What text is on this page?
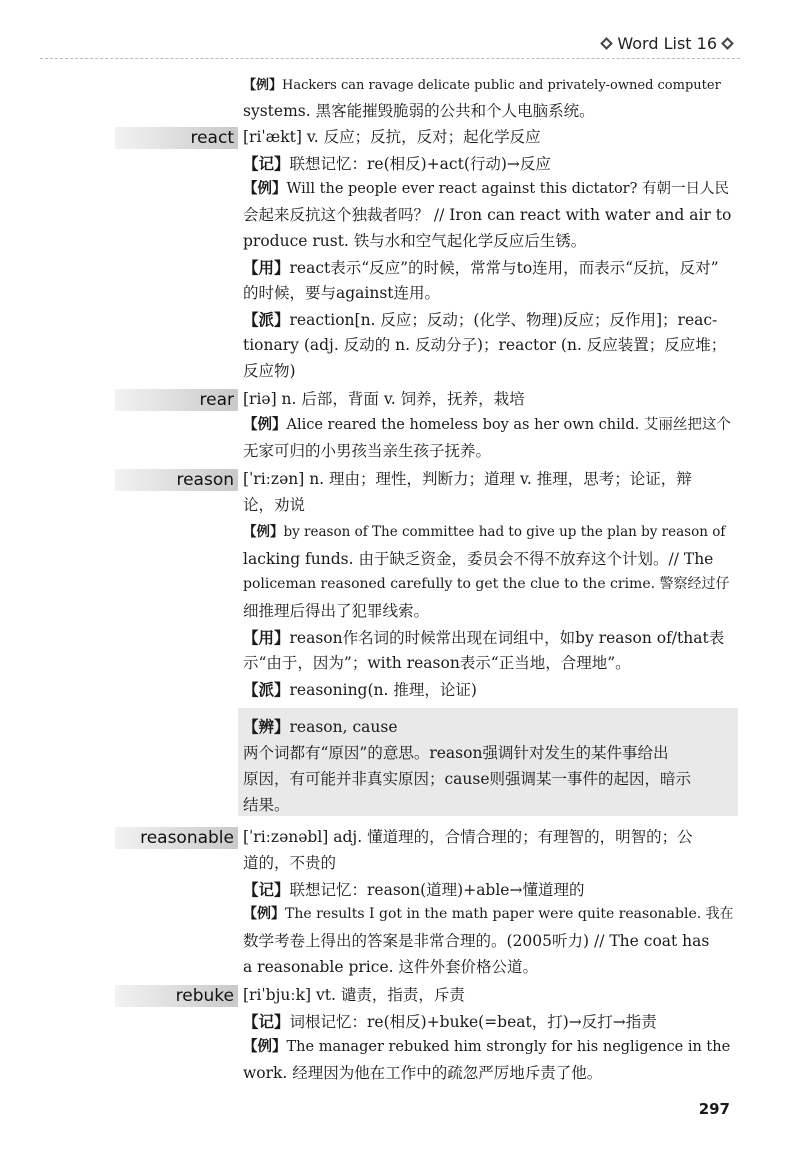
Word List 16
react
rear
reason
reasonable
rebuke
【例】Hackers can ravage delicate public and privately-owned computer
systems. 黑客能摧毁脆弱的公共和个人电脑系统。
[riˈækt] v. 反应；反抗，反对；起化学反应
【记】联想记忆：re(相反)+act(行动)→反应
【例】Will the people ever react against this dictator? 有朝一日人民
会起来反抗这个独裁者吗？ // Iron can react with water and air to
produce rust. 铁与水和空气起化学反应后生锈。
【用】react表示“反应”的时候，常常与to连用，而表示“反抗，反对”
的时候，要与against连用。
【派】reaction[n. 反应；反动；(化学、物理)反应；反作用]；reac-
tionary (adj. 反动的 n. 反动分子)；reactor (n. 反应装置；反应堆；
反应物)
[riə] n. 后部，背面 v. 饲养，抚养，栽培
【例】Alice reared the homeless boy as her own child. 艾丽丝把这个
无家可归的小男孩当亲生孩子抚养。
[ˈriːzən] n. 理由；理性，判断力；道理 v. 推理，思考；论证，辩
论，劝说
【例】by reason of The committee had to give up the plan by reason of
lacking funds. 由于缺乏资金，委员会不得不放弃这个计划。// The
policeman reasoned carefully to get the clue to the crime. 警察经过仔
细推理后得出了犯罪线索。
【用】reason作名词的时候常出现在词组中，如by reason of/that表
示“由于，因为”；with reason表示“正当地，合理地”。
【派】reasoning(n. 推理，论证)
【辨】reason, cause
两个词都有“原因”的意思。reason强调针对发生的某件事给出
原因，有可能并非真实原因；cause则强调某一事件的起因，暗示
结果。
[ˈriːzənəbl] adj. 懂道理的，合情合理的；有理智的，明智的；公
道的，不贵的
【记】联想记忆：reason(道理)+able→懂道理的
【例】The results I got in the math paper were quite reasonable. 我在
数学考卷上得出的答案是非常合理的。(2005听力) // The coat has
a reasonable price. 这件外套价格公道。
[riˈbjuːk] vt. 谴责，指责，斥责
【记】词根记忆：re(相反)+buke(=beat，打)→反打→指责
【例】The manager rebuked him strongly for his negligence in the
work. 经理因为他在工作中的疏忽严厉地斥责了他。
297
